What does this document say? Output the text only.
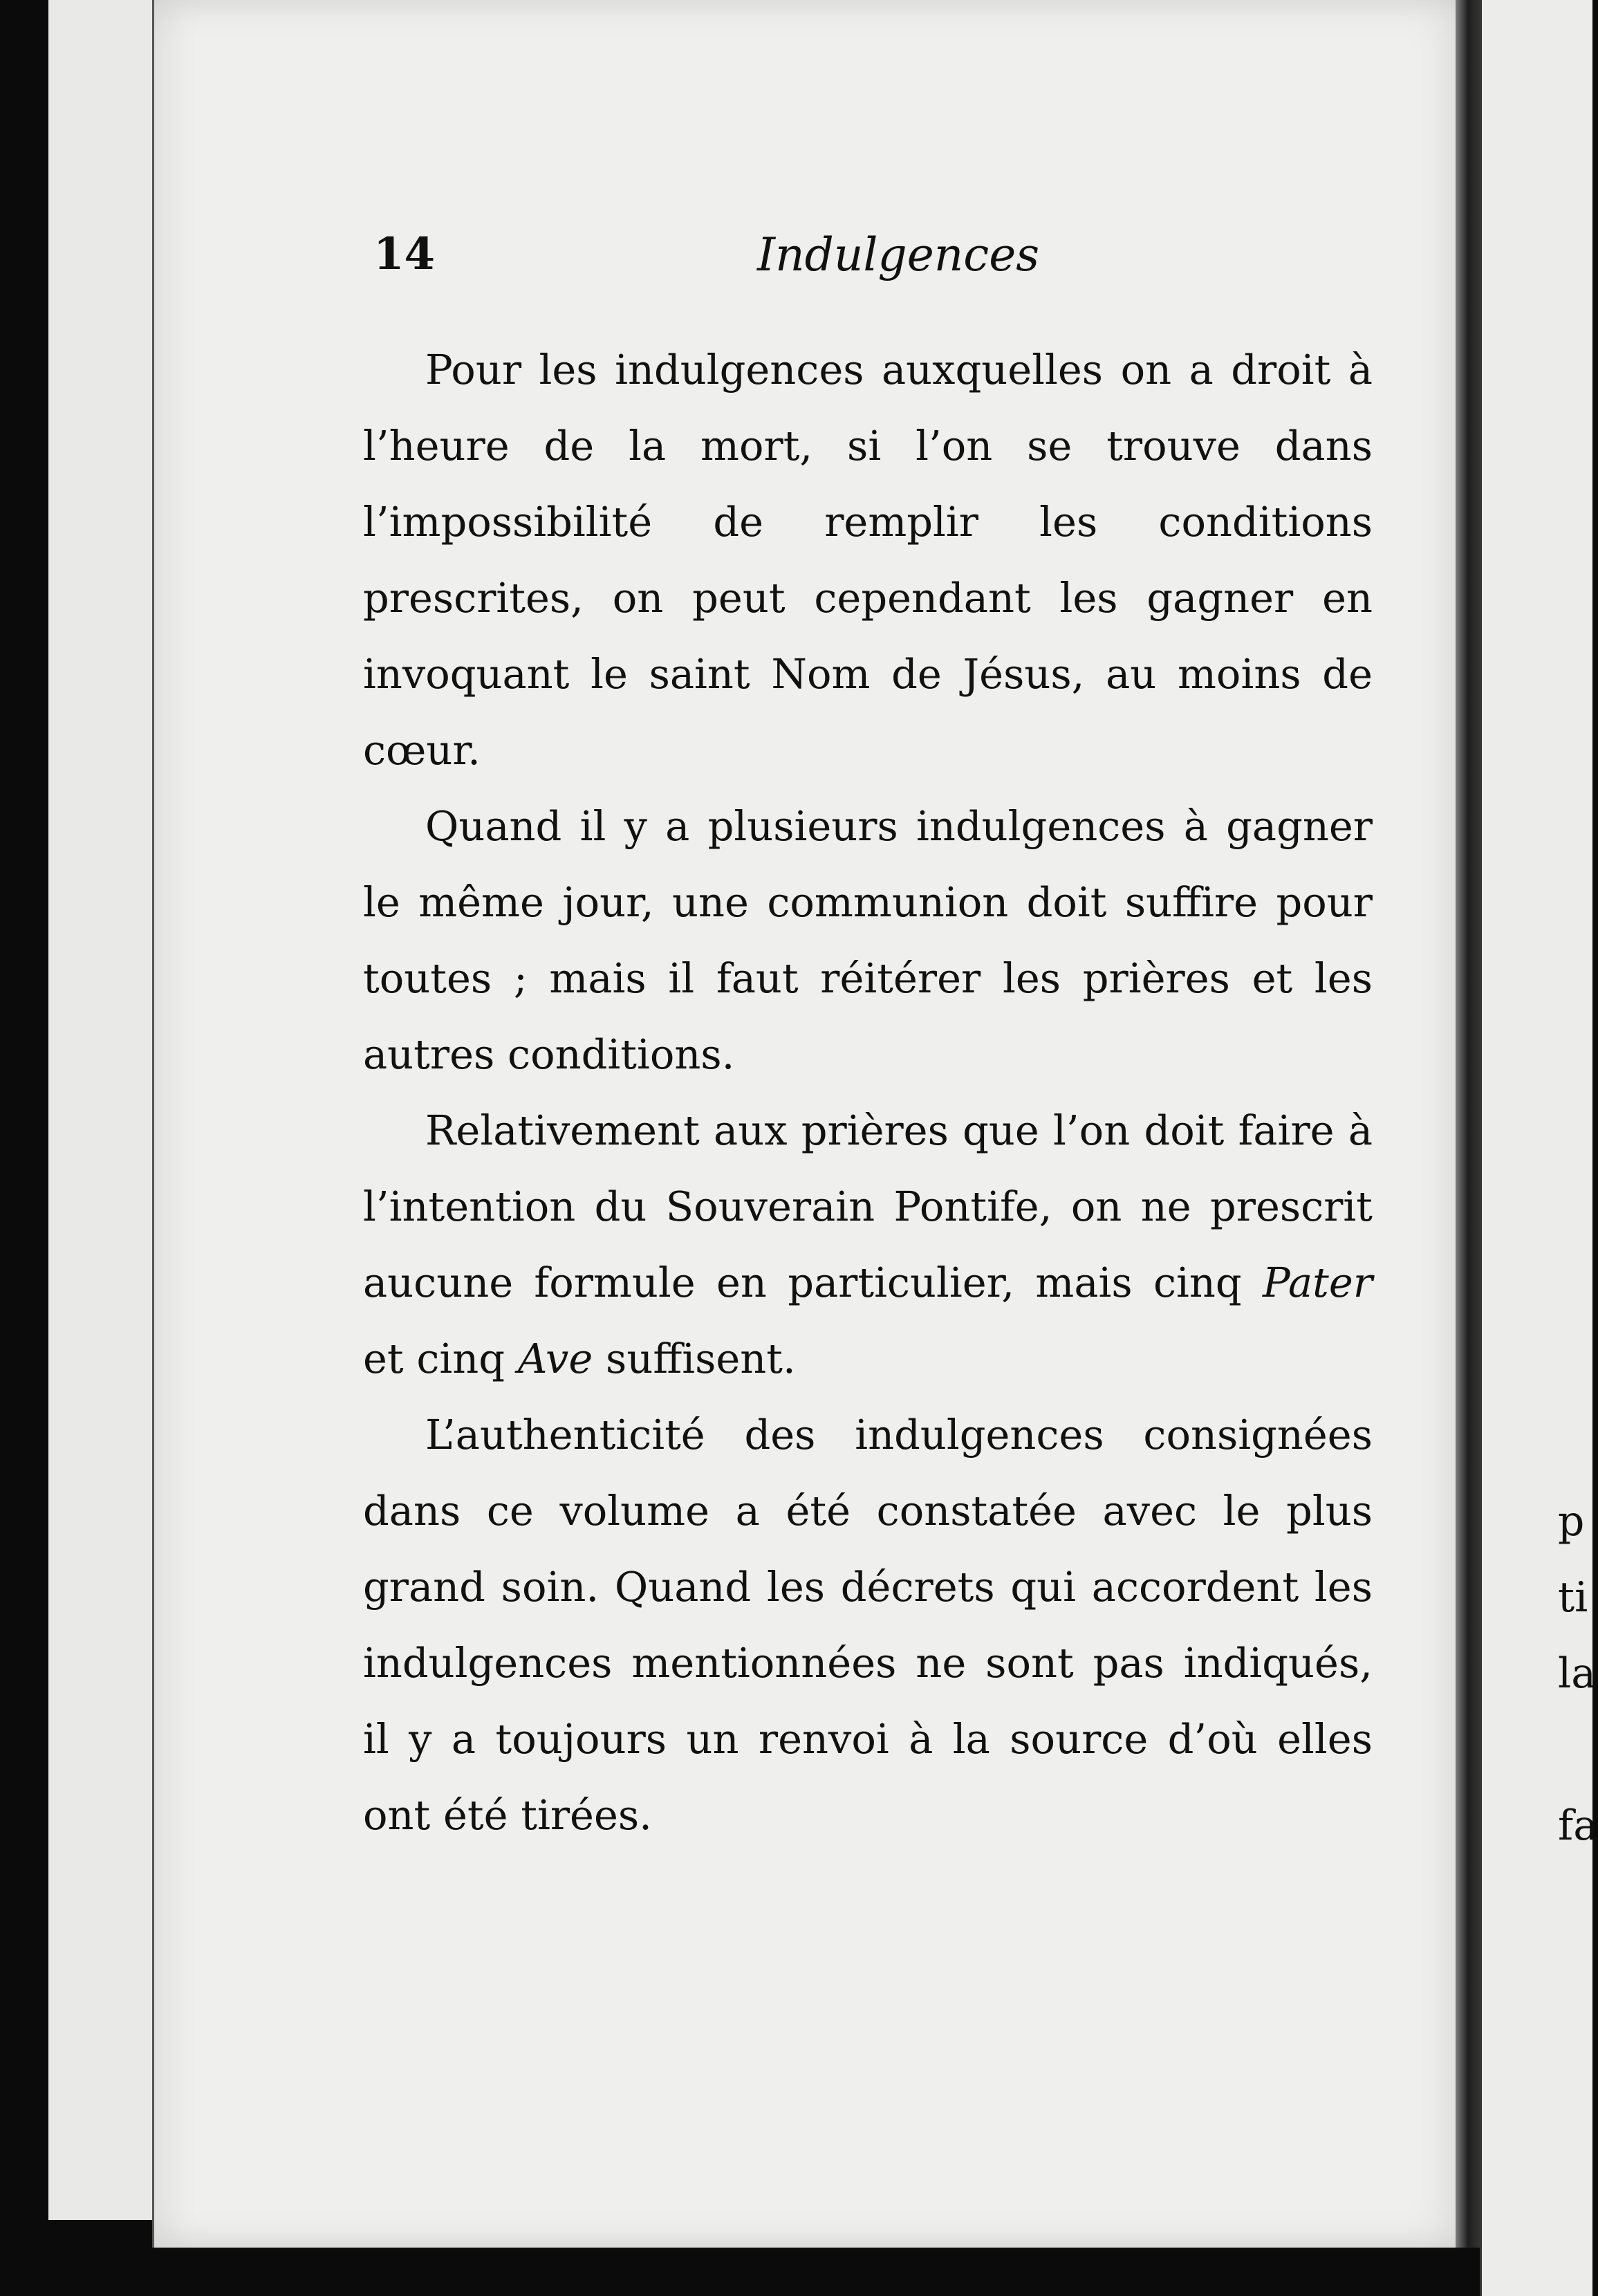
14	Indulgences

Pour les indulgences auxquelles on a droit à l’heure de la mort, si l’on se trouve dans l’impossibilité de remplir les conditions prescrites, on peut cependant les gagner en invoquant le saint Nom de Jésus, au moins de cœur.

Quand il y a plusieurs indulgences à gagner le même jour, une communion doit suffire pour toutes ; mais il faut réitérer les prières et les autres conditions.

Relativement aux prières que l’on doit faire à l’intention du Souverain Pontife, on ne prescrit aucune formule en particulier, mais cinq Pater et cinq Ave suffisent.

L’authenticité des indulgences consignées dans ce volume a été constatée avec le plus grand soin. Quand les décrets qui accordent les indulgences mentionnées ne sont pas indiqués, il y a toujours un renvoi à la source d’où elles ont été tirées.

p
ti
la
fa
